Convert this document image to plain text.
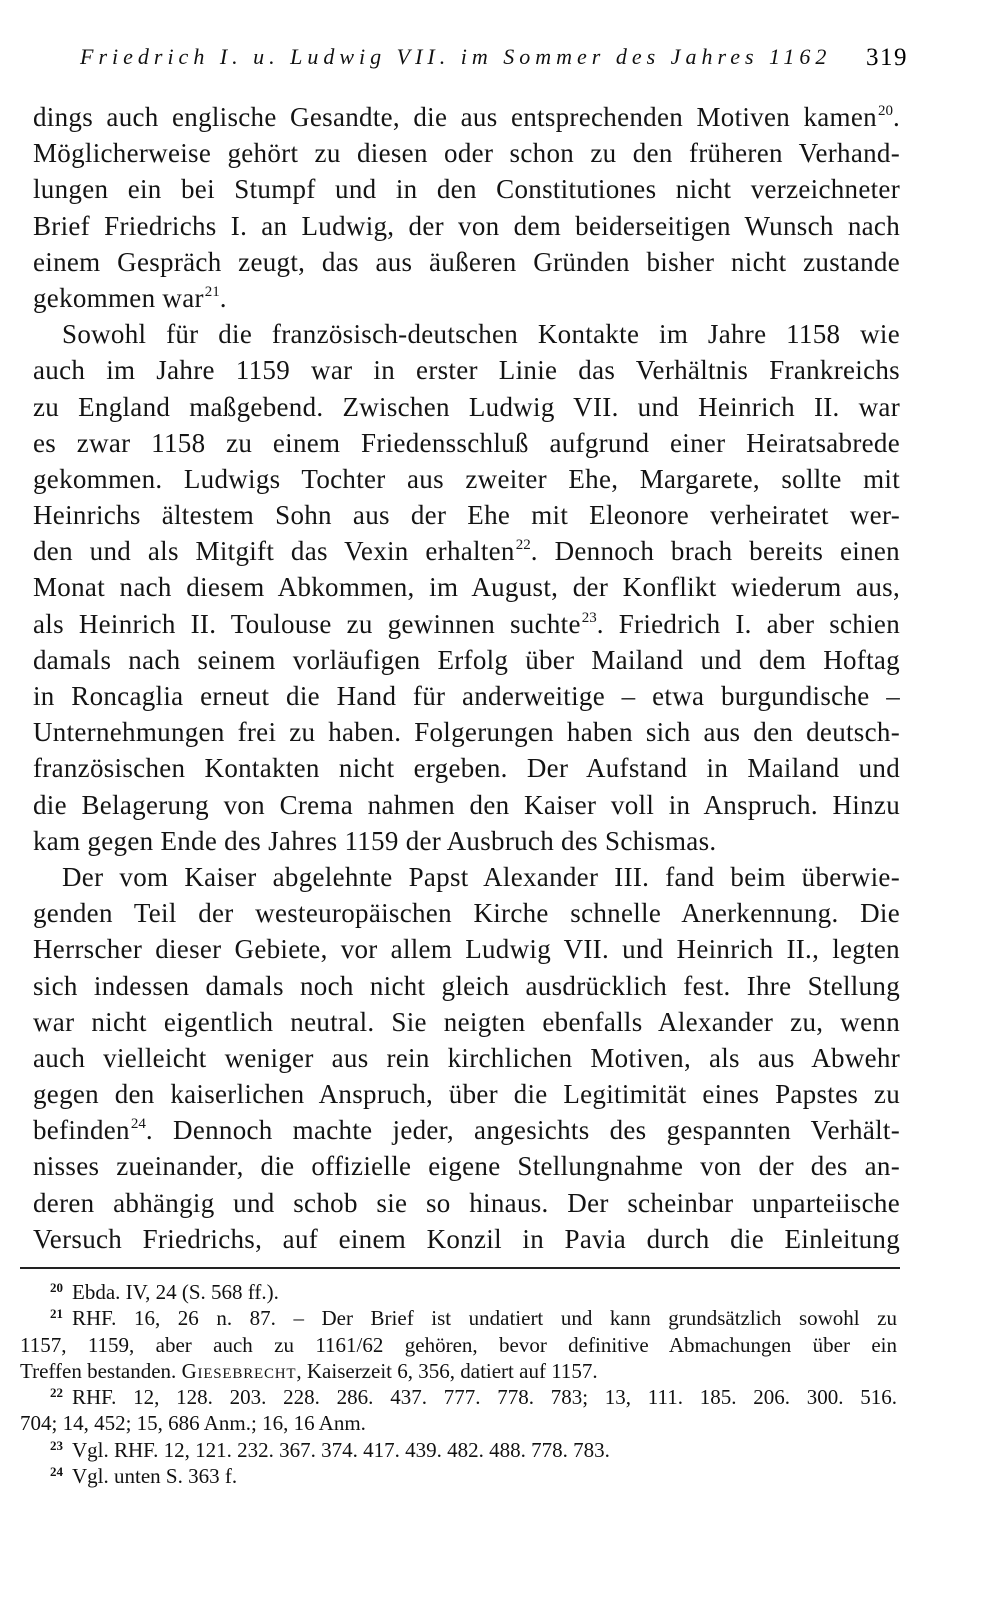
Friedrich I. u. Ludwig VII. im Sommer des Jahres 1162 319
dings auch englische Gesandte, die aus entsprechenden Motiven kamen$^{20}$.
Möglicherweise gehört zu diesen oder schon zu den früheren Verhand-
lungen ein bei Stumpf und in den Constitutiones nicht verzeichneter
Brief Friedrichs I. an Ludwig, der von dem beiderseitigen Wunsch nach
einem Gespräch zeugt, das aus äußeren Gründen bisher nicht zustande
gekommen war$^{21}$.
Sowohl für die französisch-deutschen Kontakte im Jahre 1158 wie
auch im Jahre 1159 war in erster Linie das Verhältnis Frankreichs
zu England maßgebend. Zwischen Ludwig VII. und Heinrich II. war
es zwar 1158 zu einem Friedensschluß aufgrund einer Heiratsabrede
gekommen. Ludwigs Tochter aus zweiter Ehe, Margarete, sollte mit
Heinrichs ältestem Sohn aus der Ehe mit Eleonore verheiratet wer-
den und als Mitgift das Vexin erhalten$^{22}$. Dennoch brach bereits einen
Monat nach diesem Abkommen, im August, der Konflikt wiederum aus,
als Heinrich II. Toulouse zu gewinnen suchte$^{23}$. Friedrich I. aber schien
damals nach seinem vorläufigen Erfolg über Mailand und dem Hoftag
in Roncaglia erneut die Hand für anderweitige – etwa burgundische –
Unternehmungen frei zu haben. Folgerungen haben sich aus den deutsch-
französischen Kontakten nicht ergeben. Der Aufstand in Mailand und
die Belagerung von Crema nahmen den Kaiser voll in Anspruch. Hinzu
kam gegen Ende des Jahres 1159 der Ausbruch des Schismas.
Der vom Kaiser abgelehnte Papst Alexander III. fand beim überwie-
genden Teil der westeuropäischen Kirche schnelle Anerkennung. Die
Herrscher dieser Gebiete, vor allem Ludwig VII. und Heinrich II., legten
sich indessen damals noch nicht gleich ausdrücklich fest. Ihre Stellung
war nicht eigentlich neutral. Sie neigten ebenfalls Alexander zu, wenn
auch vielleicht weniger aus rein kirchlichen Motiven, als aus Abwehr
gegen den kaiserlichen Anspruch, über die Legitimität eines Papstes zu
befinden$^{24}$. Dennoch machte jeder, angesichts des gespannten Verhält-
nisses zueinander, die offizielle eigene Stellungnahme von der des an-
deren abhängig und schob sie so hinaus. Der scheinbar unparteiische
Versuch Friedrichs, auf einem Konzil in Pavia durch die Einleitung
$^{20}$ Ebda. IV, 24 (S. 568 ff.).
$^{21}$ RHF. 16, 26 n. 87. – Der Brief ist undatiert und kann grundsätzlich sowohl zu
1157, 1159, aber auch zu 1161/62 gehören, bevor definitive Abmachungen über ein
Treffen bestanden. GIESEBRECHT, Kaiserzeit 6, 356, datiert auf 1157.
$^{22}$ RHF. 12, 128. 203. 228. 286. 437. 777. 778. 783; 13, 111. 185. 206. 300. 516.
704; 14, 452; 15, 686 Anm.; 16, 16 Anm.
$^{23}$ Vgl. RHF. 12, 121. 232. 367. 374. 417. 439. 482. 488. 778. 783.
$^{24}$ Vgl. unten S. 363 f.
